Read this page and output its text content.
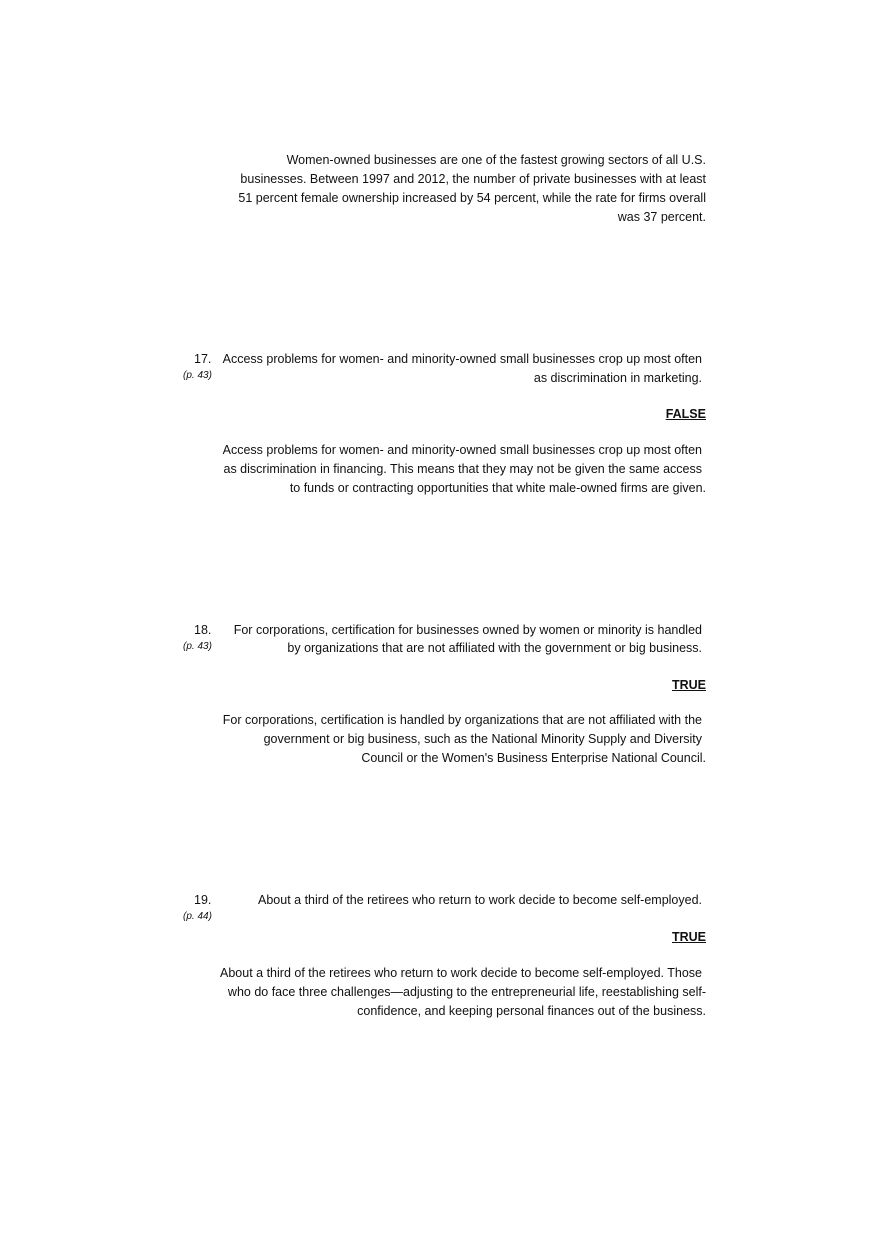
Women-owned businesses are one of the fastest growing sectors of all U.S.
businesses. Between 1997 and 2012, the number of private businesses with at least
51 percent female ownership increased by 54 percent, while the rate for firms overall
was 37 percent.
17. Access problems for women- and minority-owned small businesses crop up most often
as discrimination in marketing.
(p. 43)
FALSE
Access problems for women- and minority-owned small businesses crop up most often
as discrimination in financing. This means that they may not be given the same access
to funds or contracting opportunities that white male-owned firms are given.
18. For corporations, certification for businesses owned by women or minority is handled
by organizations that are not affiliated with the government or big business.
(p. 43)
TRUE
For corporations, certification is handled by organizations that are not affiliated with the
government or big business, such as the National Minority Supply and Diversity
Council or the Women's Business Enterprise National Council.
19.	About a third of the retirees who return to work decide to become self-employed.
(p. 44)
TRUE
About a third of the retirees who return to work decide to become self-employed. Those
who do face three challenges—adjusting to the entrepreneurial life, reestablishing self-
confidence, and keeping personal finances out of the business.
